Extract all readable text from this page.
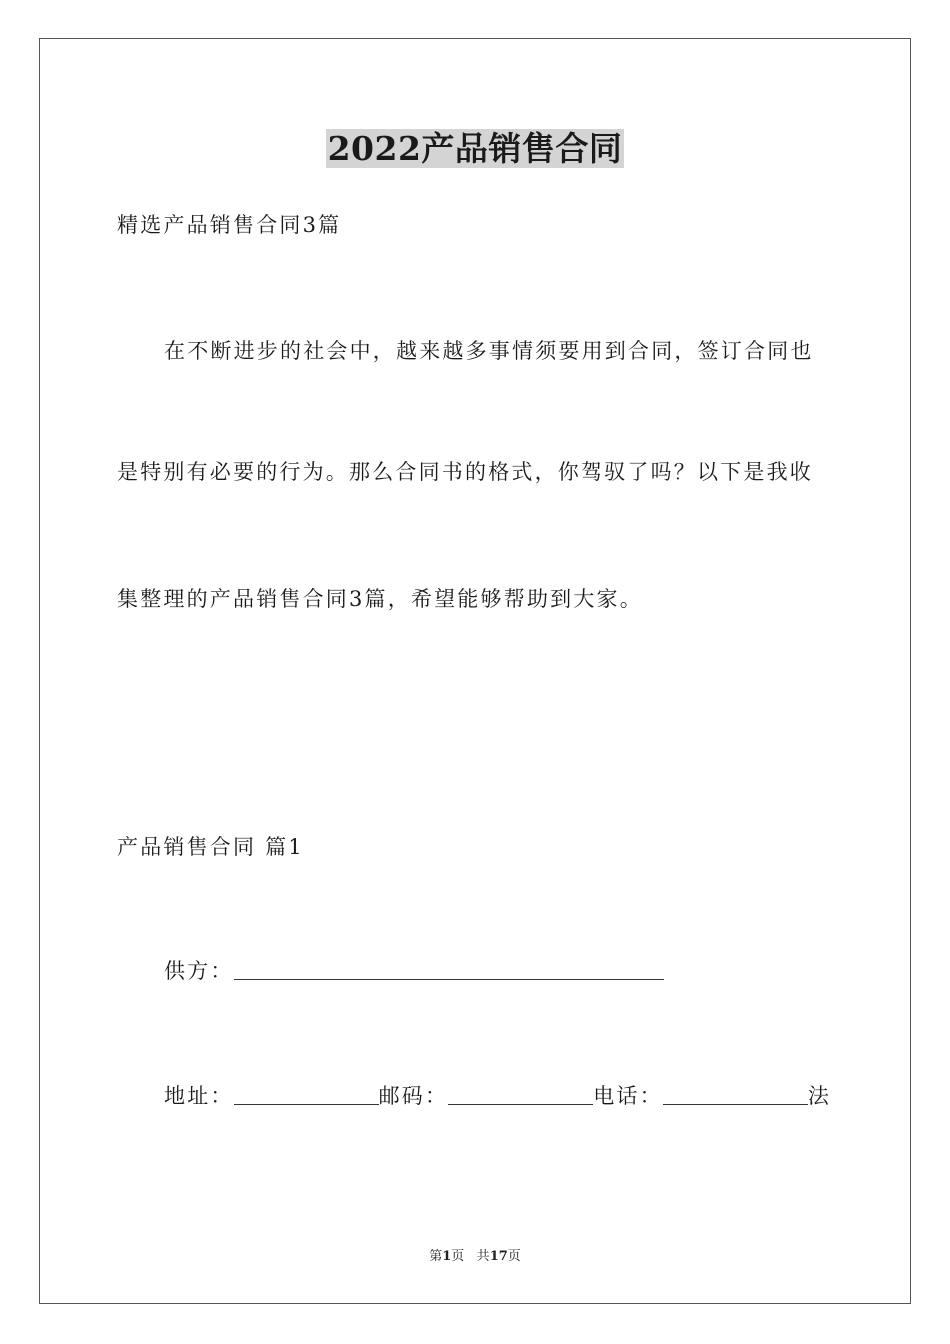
2022产品销售合同
精选产品销售合同3篇
在不断进步的社会中，越来越多事情须要用到合同，签订合同也
是特别有必要的行为。那么合同书的格式，你驾驭了吗？以下是我收
集整理的产品销售合同3篇，希望能够帮助到大家。
产品销售合同 篇1
供方：
地址：	邮码：	电话：	法
第1页 共17页
